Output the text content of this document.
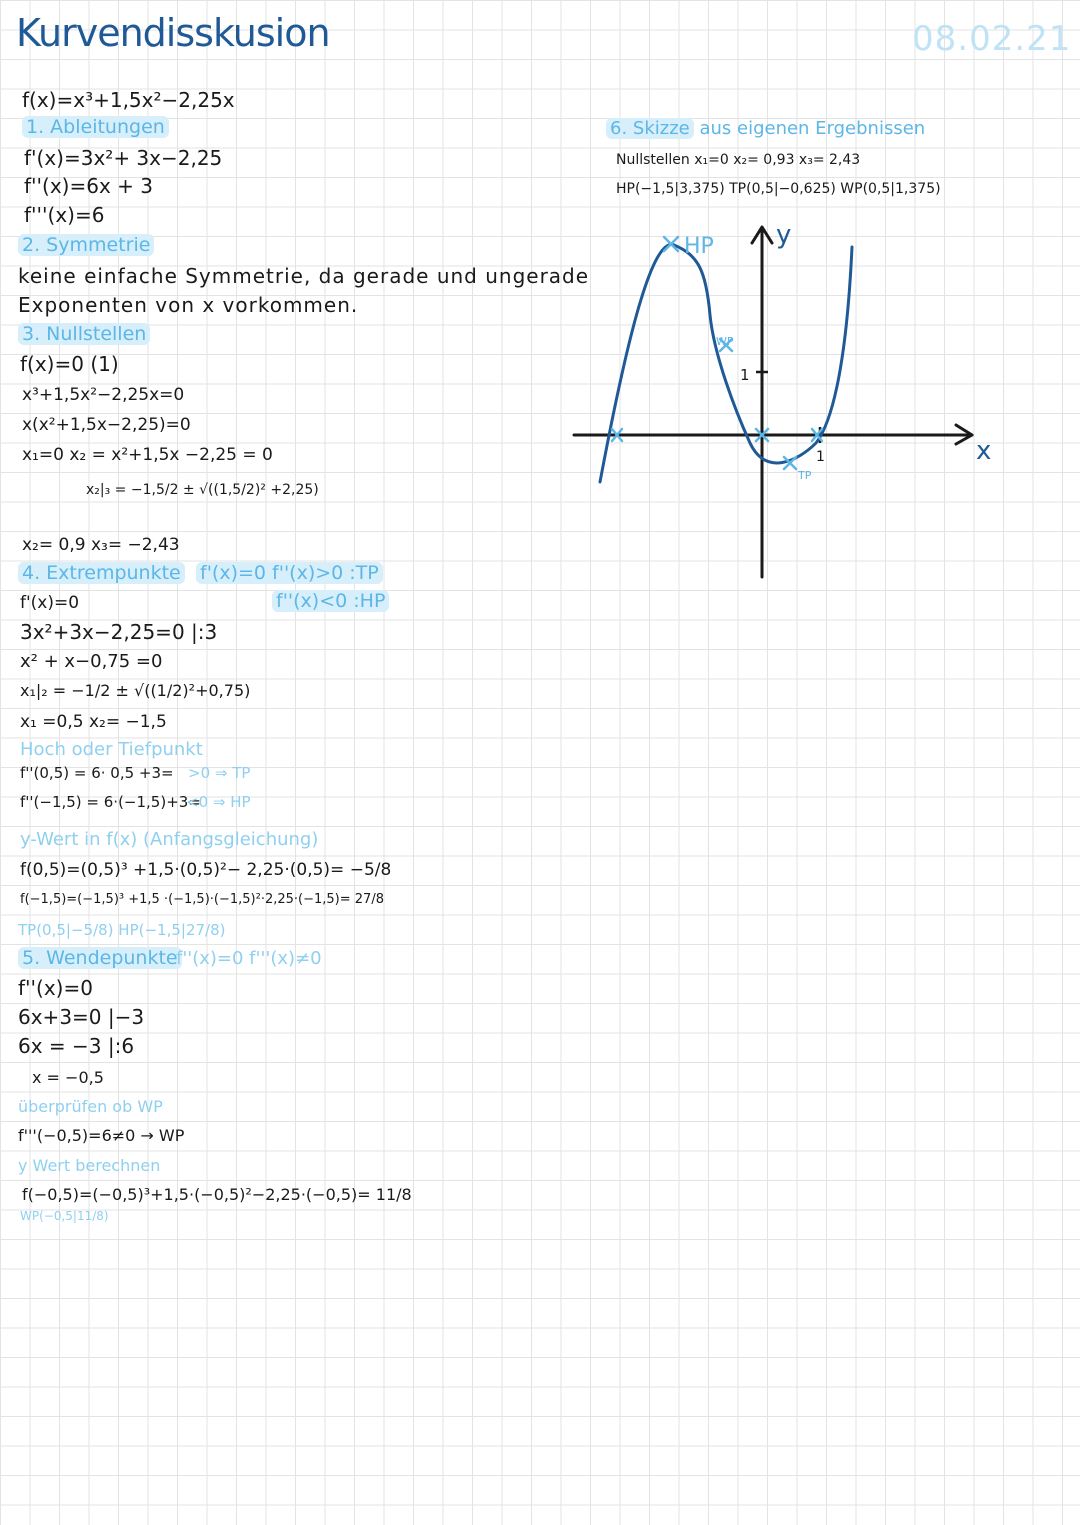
Kurvendisskusion	08.02.21
f(x)=x³+1,5x²−2,25x
1. Ableitungen
f'(x)=3x²+ 3x−2,25
f''(x)=6x + 3
f'''(x)=6
2. Symmetrie
keine einfache Symmetrie, da gerade und ungerade
Exponenten von x vorkommen.
3. Nullstellen
f(x)=0 (1)
x³+1,5x²−2,25x=0
x(x²+1,5x−2,25)=0
x₁=0 x₂ = x²+1,5x −2,25 = 0
x₂|₃ = −1,5/2 ± √((1,5/2)² +2,25)
x₂= 0,9 x₃= −2,43
4. Extrempunkte f'(x)=0 f''(x)>0 :TP
f''(x)<0 :HP
f'(x)=0
3x²+3x−2,25=0 |:3
x² + x−0,75 =0
x₁|₂ = −1/2 ± √((1/2)²+0,75)
x₁ =0,5 x₂= −1,5
Hoch oder Tiefpunkt
f''(0,5) = 6· 0,5 +3= >0 ⇒ TP
f''(−1,5) = 6·(−1,5)+3=
<0 ⇒ HP
y-Wert in f(x) (Anfangsgleichung)
f(0,5)=(0,5)³ +1,5·(0,5)²− 2,25·(0,5)= −5/8
f(−1,5)=(−1,5)³ +1,5 ·(−1,5)·(−1,5)²·2,25·(−1,5)= 27/8
TP(0,5|−5/8) HP(−1,5|27/8)
5. Wendepunkte
f''(x)=0 f'''(x)≠0
f''(x)=0
6x+3=0 |−3
6x = −3 |:6
x = −0,5
überprüfen ob WP
f'''(−0,5)=6≠0 → WP
y Wert berechnen
f(−0,5)=(−0,5)³+1,5·(−0,5)²−2,25·(−0,5)= 11/8
WP(−0,5|11/8)
6. Skizze aus eigenen Ergebnissen
Nullstellen x₁=0 x₂= 0,93 x₃= 2,43
HP(−1,5|3,375) TP(0,5|−0,625) WP(0,5|1,375)
y
x
1
1
HP
WP
TP
